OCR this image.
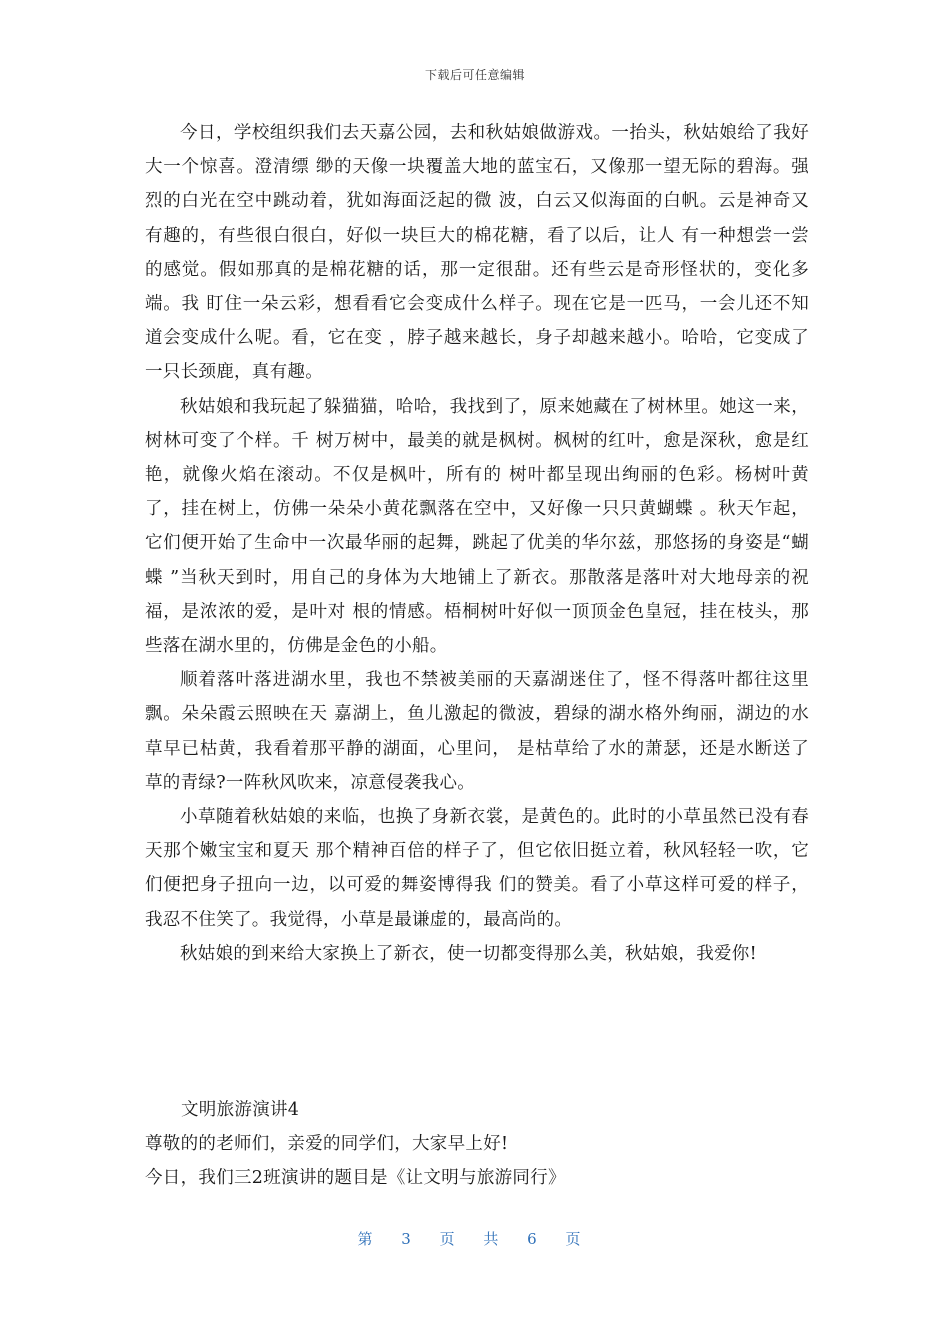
下载后可任意编辑

今日，学校组织我们去天嘉公园，去和秋姑娘做游戏。一抬头，秋姑娘给了我好大一个惊喜。澄清缥 缈的天像一块覆盖大地的蓝宝石，又像那一望无际的碧海。强烈的白光在空中跳动着，犹如海面泛起的微 波，白云又似海面的白帆。云是神奇又有趣的，有些很白很白，好似一块巨大的棉花糖，看了以后，让人 有一种想尝一尝的感觉。假如那真的是棉花糖的话，那一定很甜。还有些云是奇形怪状的，变化多端。我 盯住一朵云彩，想看看它会变成什么样子。现在它是一匹马，一会儿还不知道会变成什么呢。看，它在变 ，脖子越来越长，身子却越来越小。哈哈，它变成了一只长颈鹿，真有趣。

秋姑娘和我玩起了躲猫猫，哈哈，我找到了，原来她藏在了树林里。她这一来，树林可变了个样。千 树万树中，最美的就是枫树。枫树的红叶，愈是深秋，愈是红艳，就像火焰在滚动。不仅是枫叶，所有的 树叶都呈现出绚丽的色彩。杨树叶黄了，挂在树上，仿佛一朵朵小黄花飘落在空中，又好像一只只黄蝴蝶 。秋天乍起，它们便开始了生命中一次最华丽的起舞，跳起了优美的华尔兹，那悠扬的身姿是“蝴蝶 ”当秋天到时，用自己的身体为大地铺上了新衣。那散落是落叶对大地母亲的祝福，是浓浓的爱，是叶对 根的情感。梧桐树叶好似一顶顶金色皇冠，挂在枝头，那些落在湖水里的，仿佛是金色的小船。

顺着落叶落进湖水里，我也不禁被美丽的天嘉湖迷住了，怪不得落叶都往这里飘。朵朵霞云照映在天 嘉湖上，鱼儿激起的微波，碧绿的湖水格外绚丽，湖边的水草早已枯黄，我看着那平静的湖面，心里问， 是枯草给了水的萧瑟，还是水断送了草的青绿?一阵秋风吹来，凉意侵袭我心。

小草随着秋姑娘的来临，也换了身新衣裳，是黄色的。此时的小草虽然已没有春天那个嫩宝宝和夏天 那个精神百倍的样子了，但它依旧挺立着，秋风轻轻一吹，它们便把身子扭向一边，以可爱的舞姿博得我 们的赞美。看了小草这样可爱的样子，我忍不住笑了。我觉得，小草是最谦虚的，最高尚的。

秋姑娘的到来给大家换上了新衣，使一切都变得那么美，秋姑娘，我爱你!

文明旅游演讲4
尊敬的的老师们，亲爱的同学们，大家早上好!
今日，我们三2班演讲的题目是《让文明与旅游同行》
第 3 页 共 6 页
